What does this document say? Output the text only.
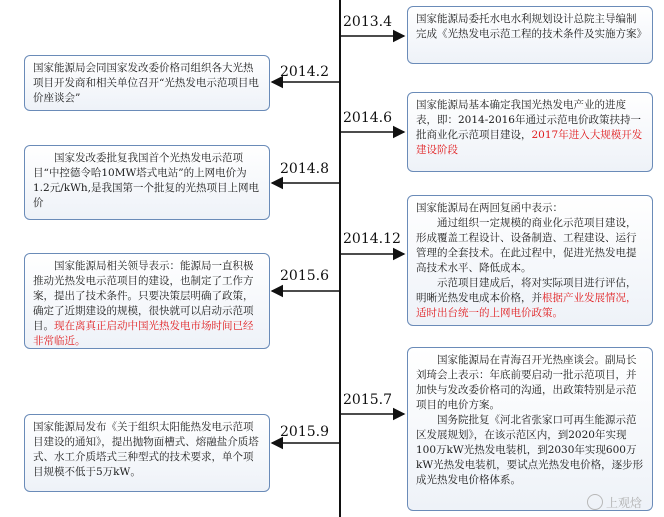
2013.4
2014.2
2014.6
2014.8
2014.12
2015.6
2015.7
2015.9

国家能源局委托水电水利规划设计总院主导编制完成《光热发电示范工程的技术条件及实施方案》

国家能源局基本确定我国光热发电产业的进度表，即：2014-2016年通过示范电价政策扶持一批商业化示范项目建设，2017年进入大规模开发建设阶段

国家能源局在两回复函中表示：

通过组织一定规模的商业化示范项目建设，形成覆盖工程设计、设备制造、工程建设、运行管理的全套技术。在此过程中，促进光热发电提高技术水平、降低成本。

示范项目建成后，将对实际项目进行评估，明晰光热发电成本价格，并根据产业发展情况，适时出台统一的上网电价政策。

国家能源局在青海召开光热座谈会。副局长刘琦会上表示：年底前要启动一批示范项目，并加快与发改委价格司的沟通，出政策特别是示范项目的电价方案。

国务院批复《河北省张家口可再生能源示范区发展规划》，在该示范区内，到2020年实现100万kW光热发电装机，到2030年实现600万kW光热发电装机，要试点光热发电价格，逐步形成光热发电价格体系。

国家能源局会同国家发改委价格司组织各大光热项目开发商和相关单位召开“光热发电示范项目电价座谈会”

国家发改委批复我国首个光热发电示范项目“中控德令哈10MW塔式电站”的上网电价为1.2元/kWh,是我国第一个批复的光热项目上网电价

国家能源局相关领导表示：能源局一直积极推动光热发电示范项目的建设，也制定了工作方案，提出了技术条件。只要决策层明确了政策，确定了近期建设的规模，很快就可以启动示范项目。现在离真正启动中国光热发电市场时间已经非常临近。

国家能源局发布《关于组织太阳能热发电示范项目建设的通知》，提出抛物面槽式、熔融盐介质塔式、水工介质塔式三种型式的技术要求，单个项目规模不低于5万kW。

上观焓
